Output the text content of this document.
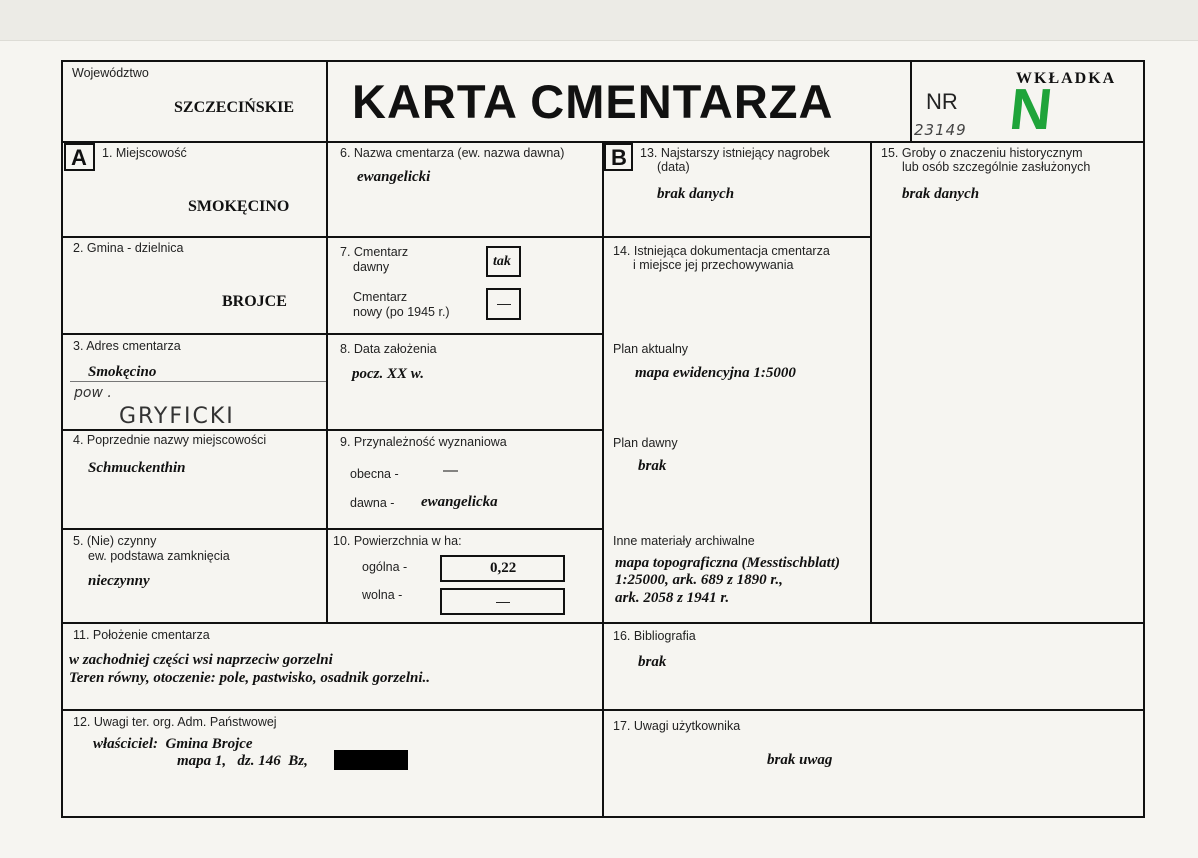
Województwo
SZCZECIŃSKIE KARTA CMENTARZA	NR
WKŁADKA
N
23149
A 1. Miejscowość
SMOKĘCINO
2. Gmina - dzielnica
BROJCE
3. Adres cmentarza
Smokęcino
pow .
GRYFICKI
4. Poprzednie nazwy miejscowości
Schmuckenthin
5. (Nie) czynny
ew. podstawa zamknięcia
nieczynny
6. Nazwa cmentarza (ew. nazwa dawna)
ewangelicki
7. Cmentarz
dawny	tak
Cmentarz
nowy (po 1945 r.)
—
8. Data założenia
pocz. XX w.
9. Przynależność wyznaniowa
obecna -	—
dawna - ewangelicka
10. Powierzchnia w ha:
ogólna -	0,22
wolna -	—
11. Położenie cmentarza
w zachodniej części wsi naprzeciw gorzelni
Teren równy, otoczenie: pole, pastwisko, osadnik gorzelni..
12. Uwagi ter. org. Adm. Państwowej
właściciel:  Gmina Brojce
mapa 1,   dz. 146  Bz,
B 13. Najstarszy istniejący nagrobek
(data)
brak danych
14. Istniejąca dokumentacja cmentarza
i miejsce jej przechowywania
Plan aktualny
mapa ewidencyjna 1:5000
Plan dawny
brak
Inne materiały archiwalne
mapa topograficzna (Messtischblatt)
1:25000, ark. 689 z 1890 r.,
ark. 2058 z 1941 r.
15. Groby o znaczeniu historycznym
lub osób szczególnie zasłużonych
brak danych
16. Bibliografia
brak
17. Uwagi użytkownika
brak uwag
